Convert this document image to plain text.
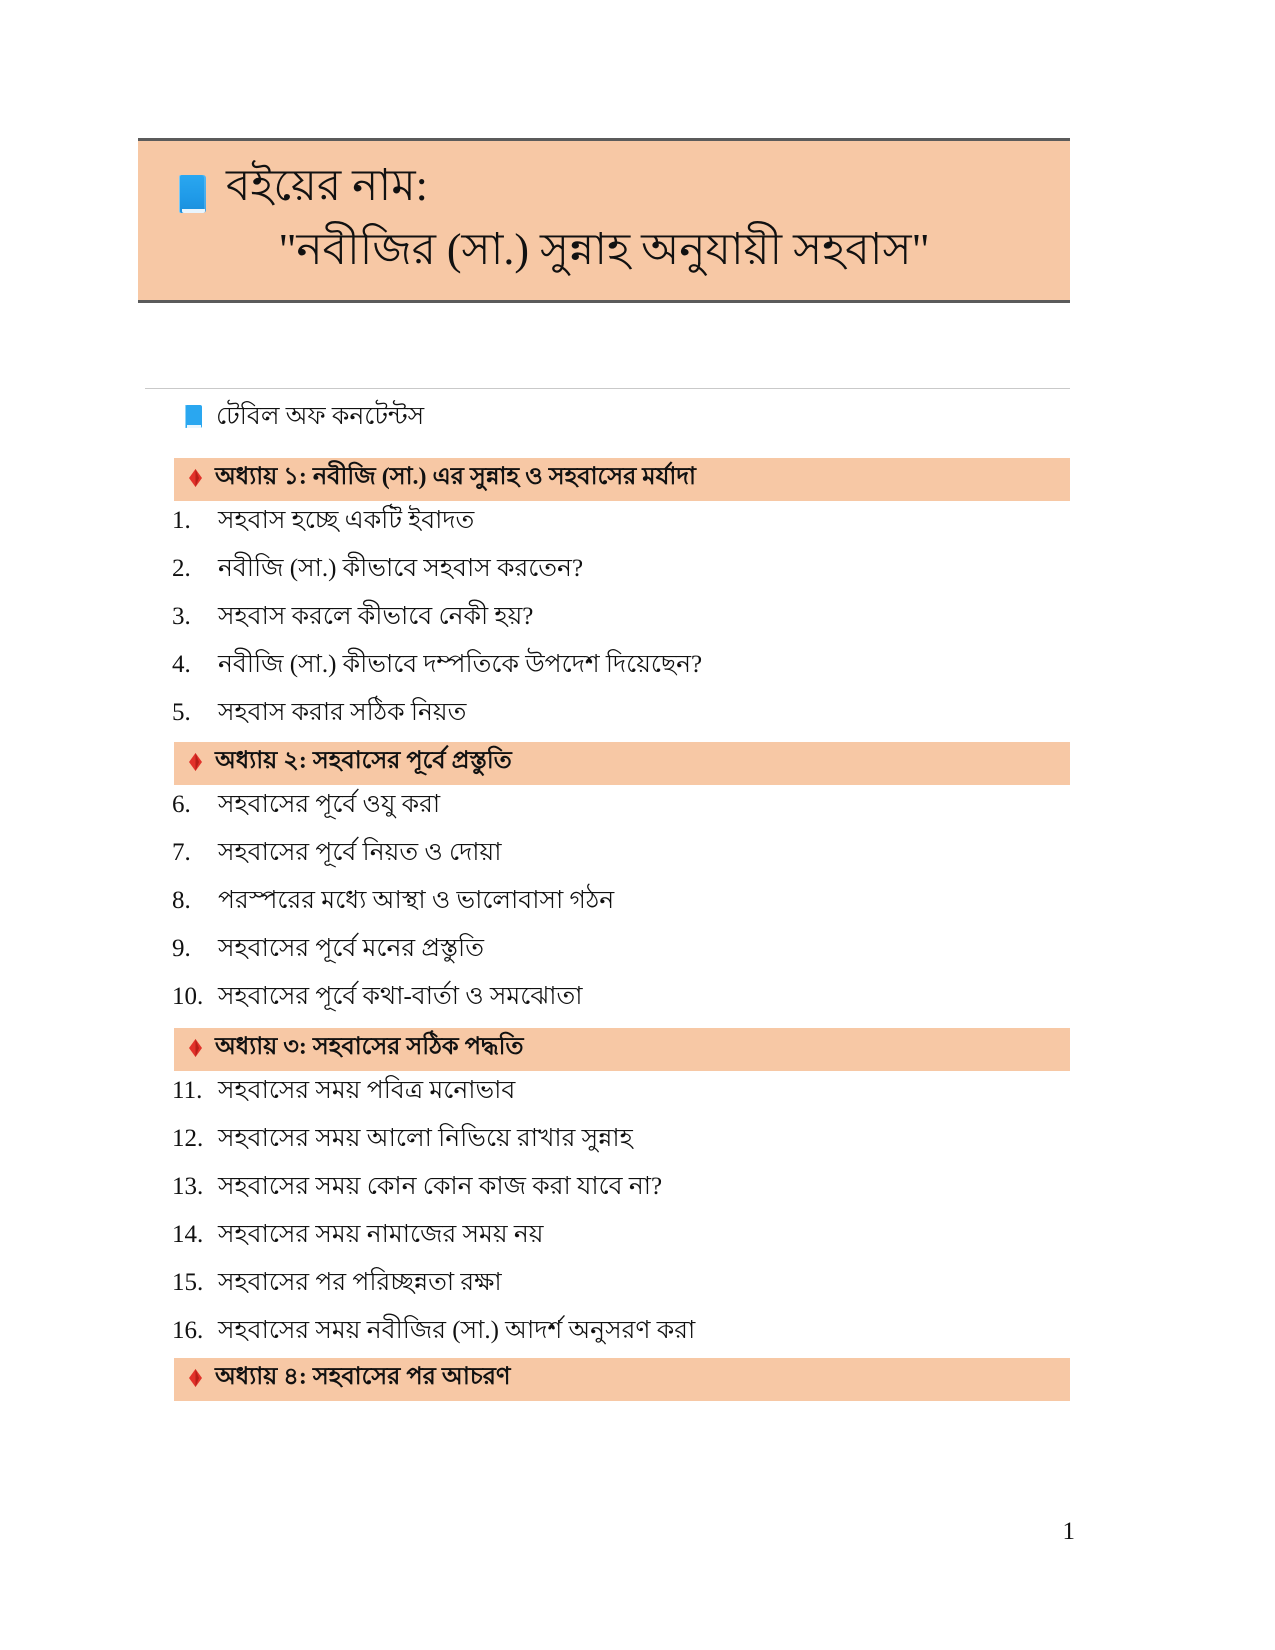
বইয়ের নাম:
"নবীজির (সা.) সুন্নাহ অনুযায়ী সহবাস"
টেবিল অফ কনটেন্টস
অধ্যায় ১: নবীজি (সা.) এর সুন্নাহ ও সহবাসের মর্যাদা
1.	সহবাস হচ্ছে একটি ইবাদত
2.	নবীজি (সা.) কীভাবে সহবাস করতেন?
3.	সহবাস করলে কীভাবে নেকী হয়?
4.	নবীজি (সা.) কীভাবে দম্পতিকে উপদেশ দিয়েছেন?
5.	সহবাস করার সঠিক নিয়ত
অধ্যায় ২: সহবাসের পূর্বে প্রস্তুতি
6.	সহবাসের পূর্বে ওযু করা
7.	সহবাসের পূর্বে নিয়ত ও দোয়া
8.	পরস্পরের মধ্যে আস্থা ও ভালোবাসা গঠন
9.	সহবাসের পূর্বে মনের প্রস্তুতি
10. সহবাসের পূর্বে কথা-বার্তা ও সমঝোতা
অধ্যায় ৩: সহবাসের সঠিক পদ্ধতি
11. সহবাসের সময় পবিত্র মনোভাব
12. সহবাসের সময় আলো নিভিয়ে রাখার সুন্নাহ
13. সহবাসের সময় কোন কোন কাজ করা যাবে না?
14. সহবাসের সময় নামাজের সময় নয়
15. সহবাসের পর পরিচ্ছন্নতা রক্ষা
16. সহবাসের সময় নবীজির (সা.) আদর্শ অনুসরণ করা
অধ্যায় ৪: সহবাসের পর আচরণ
1
